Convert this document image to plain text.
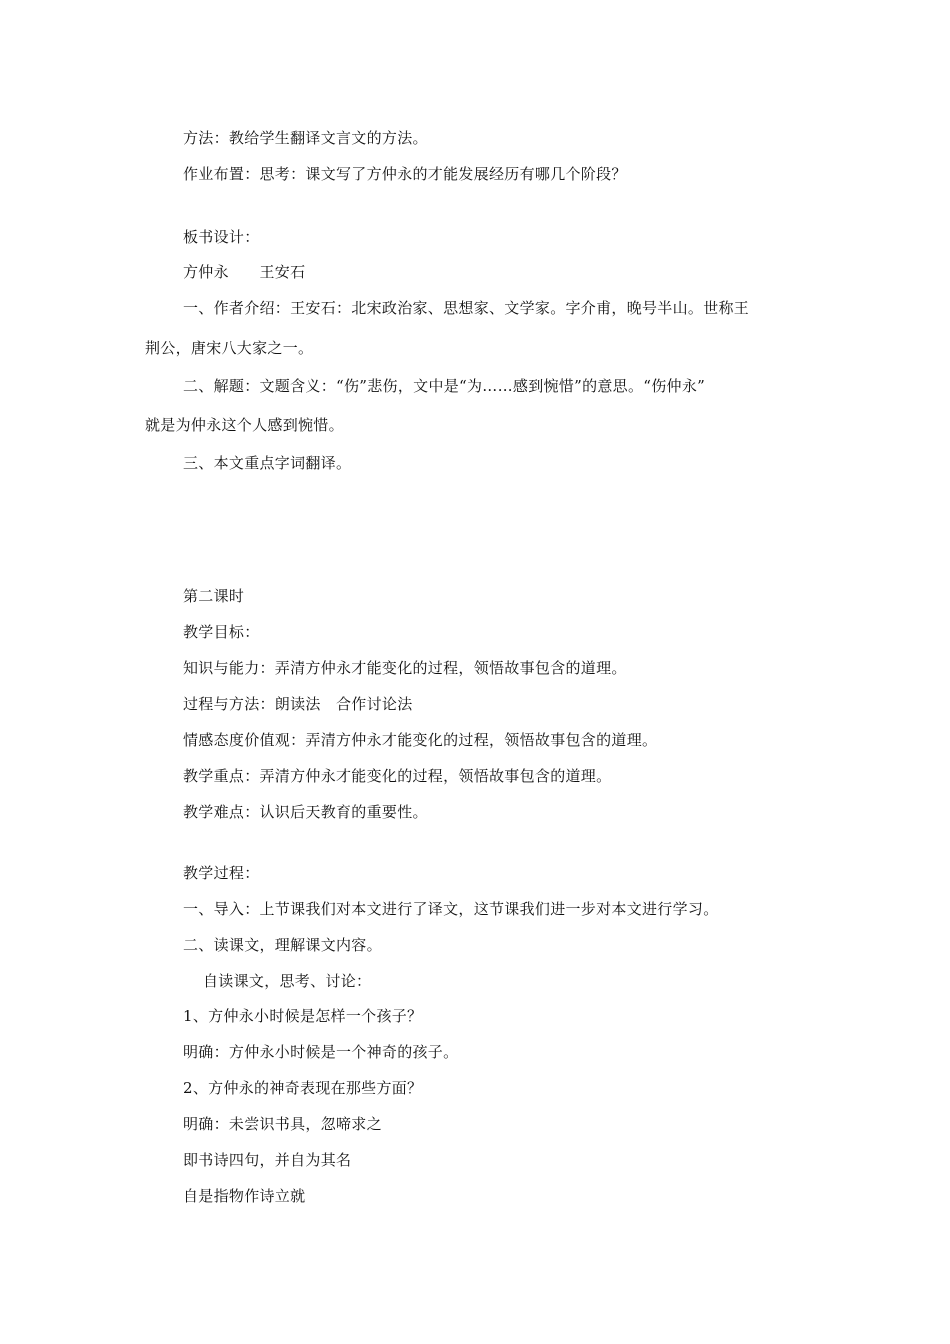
方法：教给学生翻译文言文的方法。
作业布置：思考：课文写了方仲永的才能发展经历有哪几个阶段？
板书设计：
方仲永　　王安石
一、作者介绍：王安石：北宋政治家、思想家、文学家。字介甫，晚号半山。世称王
荆公，唐宋八大家之一。
二、解题：文题含义：“伤”悲伤，文中是“为……感到惋惜”的意思。“伤仲永”
就是为仲永这个人感到惋惜。
三、本文重点字词翻译。
第二课时
教学目标：
知识与能力：弄清方仲永才能变化的过程，领悟故事包含的道理。
过程与方法：朗读法　合作讨论法
情感态度价值观：弄清方仲永才能变化的过程，领悟故事包含的道理。
教学重点：弄清方仲永才能变化的过程，领悟故事包含的道理。
教学难点：认识后天教育的重要性。
教学过程：
一、导入：上节课我们对本文进行了译文，这节课我们进一步对本文进行学习。
二、读课文，理解课文内容。
自读课文，思考、讨论：
1、方仲永小时候是怎样一个孩子？
明确：方仲永小时候是一个神奇的孩子。
2、方仲永的神奇表现在那些方面？
明确：未尝识书具，忽啼求之
即书诗四句，并自为其名
自是指物作诗立就
